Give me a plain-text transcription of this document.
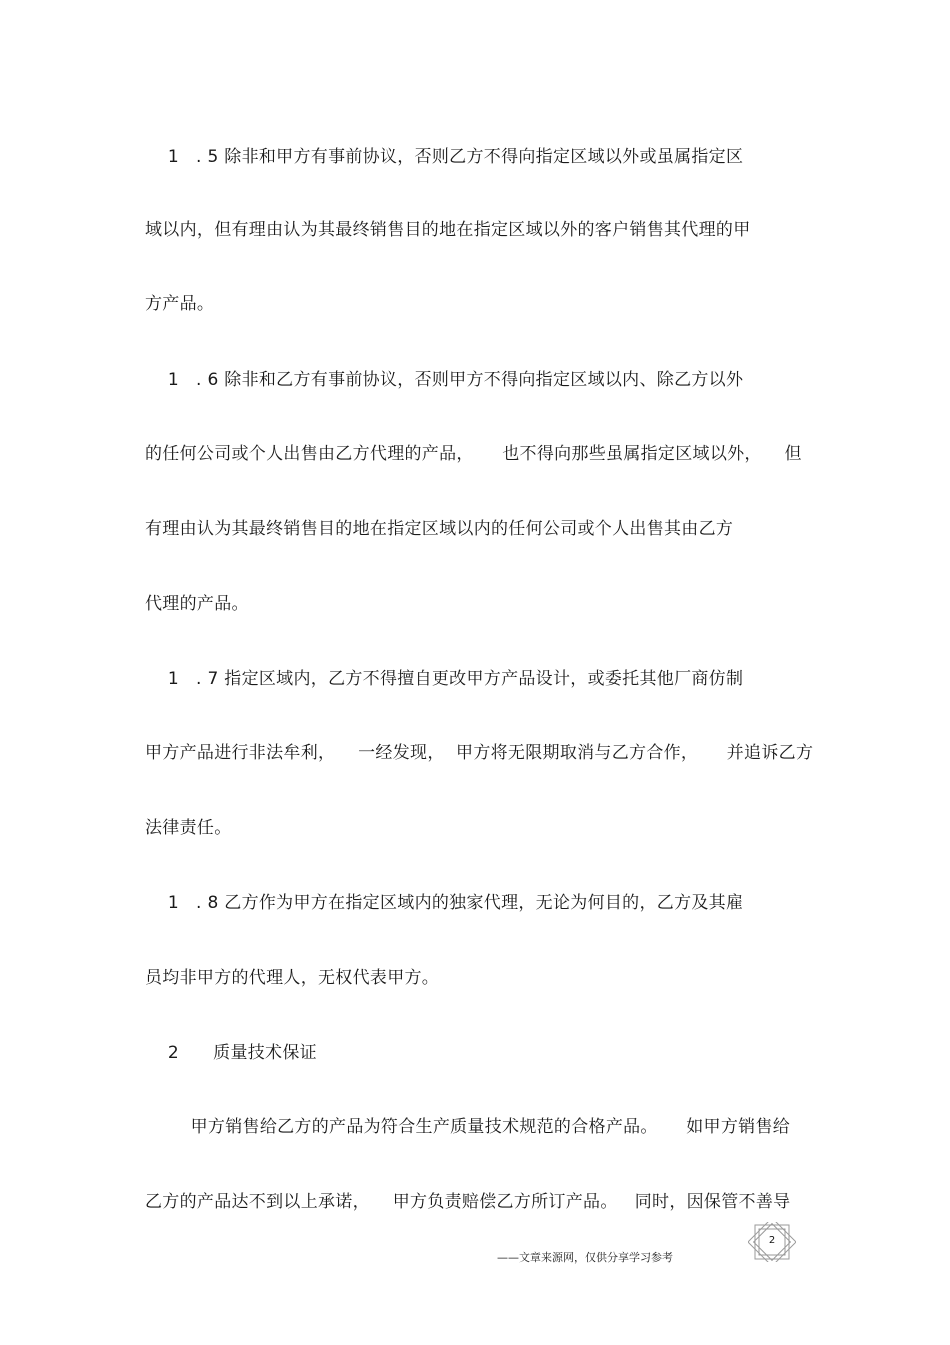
1   . 5 除非和甲方有事前协议，否则乙方不得向指定区域以外或虽属指定区
域以内，但有理由认为其最终销售目的地在指定区域以外的客户销售其代理的甲
方产品。
1   . 6 除非和乙方有事前协议，否则甲方不得向指定区域以内、除乙方以外
的任何公司或个人出售由乙方代理的产品，     也不得向那些虽属指定区域以外，    但
有理由认为其最终销售目的地在指定区域以内的任何公司或个人出售其由乙方
代理的产品。
1   . 7 指定区域内，乙方不得擅自更改甲方产品设计，或委托其他厂商仿制
甲方产品进行非法牟利，    一经发现，  甲方将无限期取消与乙方合作，     并追诉乙方
法律责任。
1   . 8 乙方作为甲方在指定区域内的独家代理，无论为何目的，乙方及其雇
员均非甲方的代理人，无权代表甲方。
2      质量技术保证
甲方销售给乙方的产品为符合生产质量技术规范的合格产品。     如甲方销售给
乙方的产品达不到以上承诺，    甲方负责赔偿乙方所订产品。   同时，因保管不善导
——文章来源网，仅供分享学习参考
2
